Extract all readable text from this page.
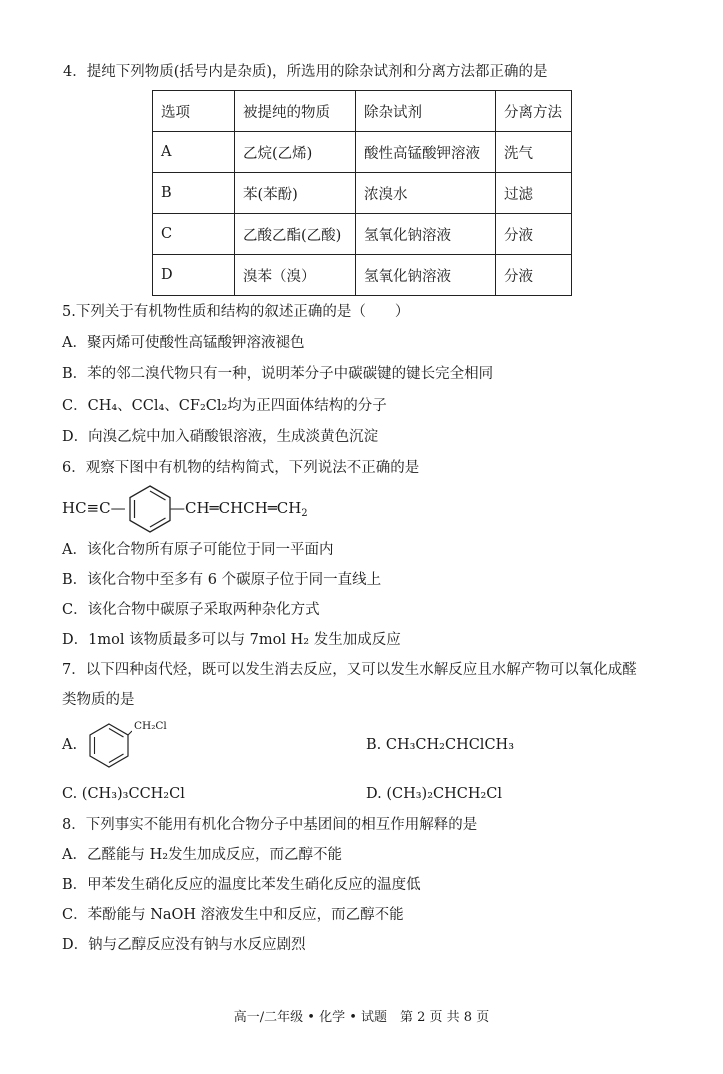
4．提纯下列物质(括号内是杂质)，所选用的除杂试剂和分离方法都正确的是
选项	被提纯的物质	除杂试剂	分离方法
A	乙烷(乙烯)	酸性高锰酸钾溶液	洗气
B	苯(苯酚)	浓溴水	过滤
C	乙酸乙酯(乙酸)	氢氧化钠溶液	分液
D	溴苯（溴）	氢氧化钠溶液	分液
5.下列关于有机物性质和结构的叙述正确的是（　　）
A．聚丙烯可使酸性高锰酸钾溶液褪色
B．苯的邻二溴代物只有一种，说明苯分子中碳碳键的键长完全相同
C．CH₄、CCl₄、CF₂Cl₂均为正四面体结构的分子
D．向溴乙烷中加入硝酸银溶液，生成淡黄色沉淀
6．观察下图中有机物的结构简式，下列说法不正确的是
HC≡C—	$—CH═CHCH═CH_2$
A．该化合物所有原子可能位于同一平面内
B．该化合物中至多有 6 个碳原子位于同一直线上
C．该化合物中碳原子采取两种杂化方式
D．1mol 该物质最多可以与 7mol H₂ 发生加成反应
7．以下四种卤代烃，既可以发生消去反应，又可以发生水解反应且水解产物可以氧化成醛
类物质的是
A.
CH₂Cl
B. CH₃CH₂CHClCH₃
C. (CH₃)₃CCH₂Cl	D. (CH₃)₂CHCH₂Cl
8．下列事实不能用有机化合物分子中基团间的相互作用解释的是
A．乙醛能与 H₂发生加成反应，而乙醇不能
B．甲苯发生硝化反应的温度比苯发生硝化反应的温度低
C．苯酚能与 NaOH 溶液发生中和反应，而乙醇不能
D．钠与乙醇反应没有钠与水反应剧烈
高一/二年级 • 化学 • 试题　第 2 页 共 8 页
